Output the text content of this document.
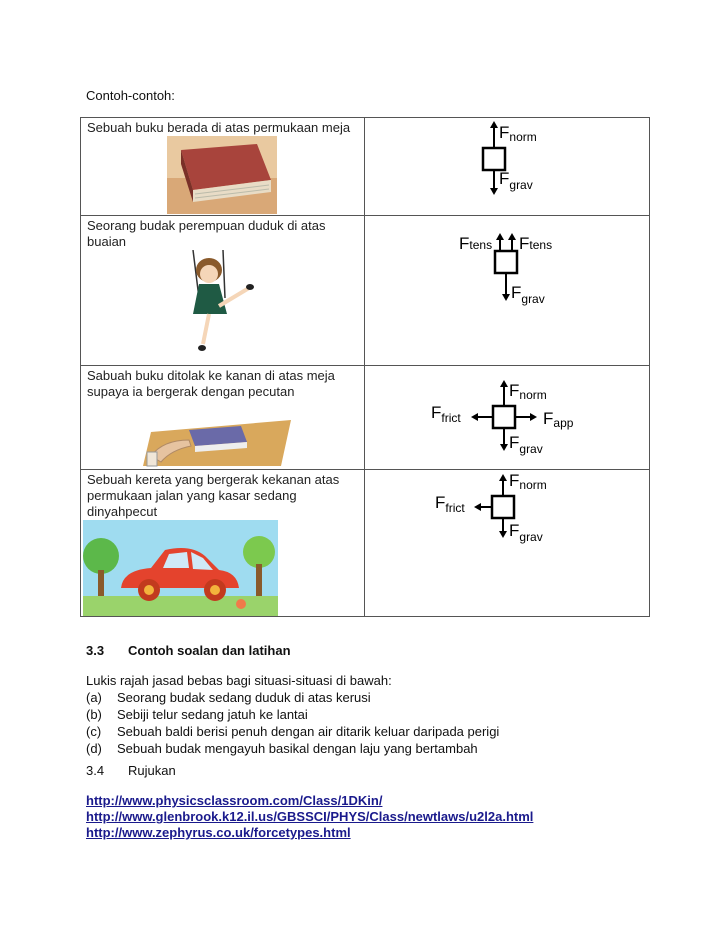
Contoh-contoh:
Sebuah buku berada di atas permukaan meja	Fnorm
$F_{grav}$

Seorang budak perempuan duduk di atas buaian	Ftens Ftens
$F_{grav}$

Sabuah buku ditolak ke kanan di atas meja supaya ia bergerak dengan pecutan	Fnorm
$F_{frict}$ Fapp
$F_{grav}$

Sebuah kereta yang bergerak kekanan atas permukaan jalan yang kasar sedang dinyahpecut	Fnorm
$F_{frict}$
$F_{grav}$
3.3 Contoh soalan dan latihan
Lukis rajah jasad bebas bagi situasi-situasi di bawah:
(a) Seorang budak sedang duduk di atas kerusi
(b) Sebiji telur sedang jatuh ke lantai
(c) Sebuah baldi berisi penuh dengan air ditarik keluar daripada perigi
(d) Sebuah budak mengayuh basikal dengan laju yang bertambah
3.4 Rujukan
http://www.physicsclassroom.com/Class/1DKin/
http://www.glenbrook.k12.il.us/GBSSCI/PHYS/Class/newtlaws/u2l2a.html
http://www.zephyrus.co.uk/forcetypes.html
